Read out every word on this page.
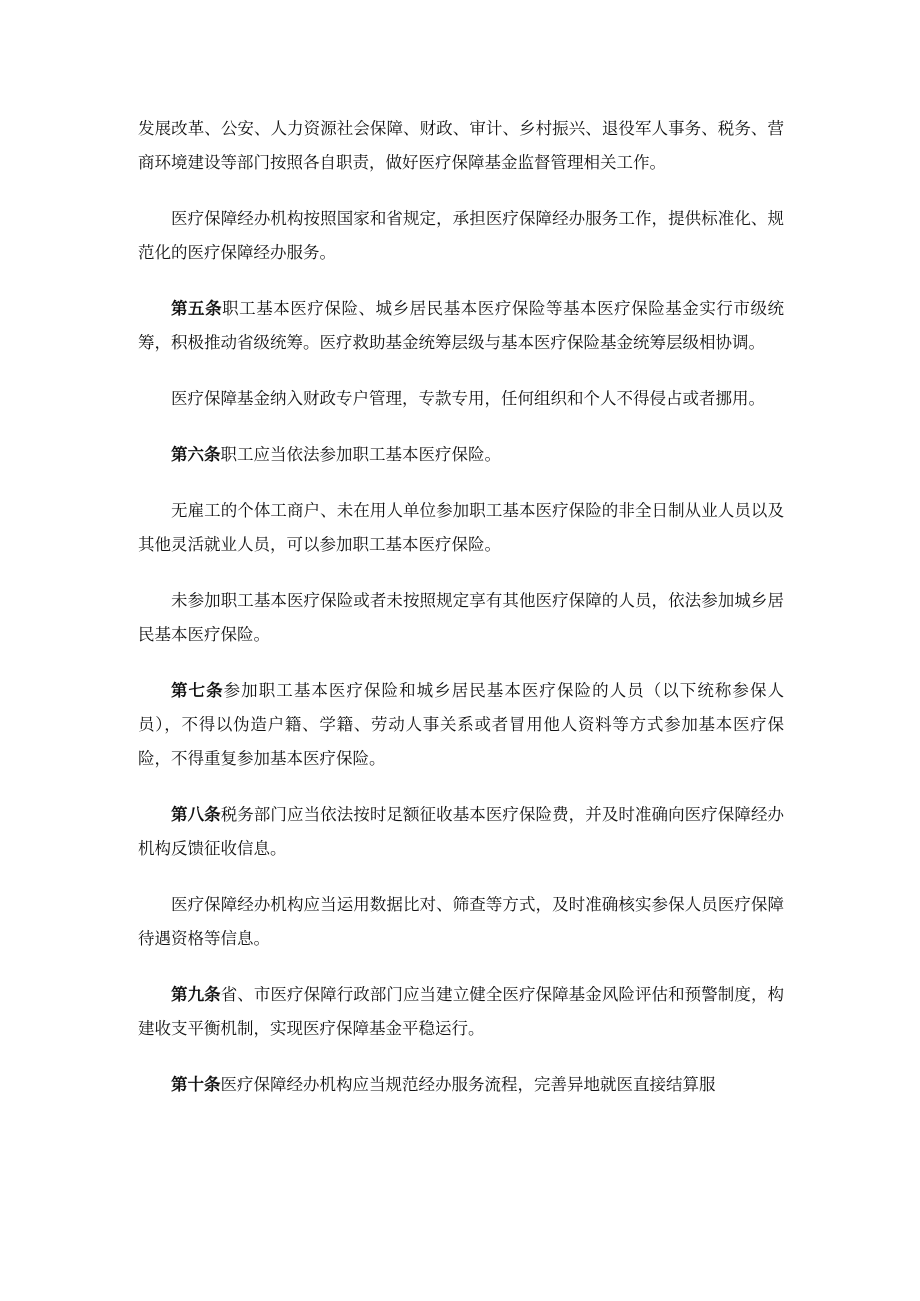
发展改革、公安、人力资源社会保障、财政、审计、乡村振兴、退役军人事务、税务、营商环境建设等部门按照各自职责，做好医疗保障基金监督管理相关工作。

医疗保障经办机构按照国家和省规定，承担医疗保障经办服务工作，提供标准化、规范化的医疗保障经办服务。

第五条职工基本医疗保险、城乡居民基本医疗保险等基本医疗保险基金实行市级统筹，积极推动省级统筹。医疗救助基金统筹层级与基本医疗保险基金统筹层级相协调。

医疗保障基金纳入财政专户管理，专款专用，任何组织和个人不得侵占或者挪用。

第六条职工应当依法参加职工基本医疗保险。

无雇工的个体工商户、未在用人单位参加职工基本医疗保险的非全日制从业人员以及其他灵活就业人员，可以参加职工基本医疗保险。

未参加职工基本医疗保险或者未按照规定享有其他医疗保障的人员，依法参加城乡居民基本医疗保险。

第七条参加职工基本医疗保险和城乡居民基本医疗保险的人员（以下统称参保人员），不得以伪造户籍、学籍、劳动人事关系或者冒用他人资料等方式参加基本医疗保险，不得重复参加基本医疗保险。

第八条税务部门应当依法按时足额征收基本医疗保险费，并及时准确向医疗保障经办机构反馈征收信息。

医疗保障经办机构应当运用数据比对、筛查等方式，及时准确核实参保人员医疗保障待遇资格等信息。

第九条省、市医疗保障行政部门应当建立健全医疗保障基金风险评估和预警制度，构建收支平衡机制，实现医疗保障基金平稳运行。

第十条医疗保障经办机构应当规范经办服务流程，完善异地就医直接结算服
